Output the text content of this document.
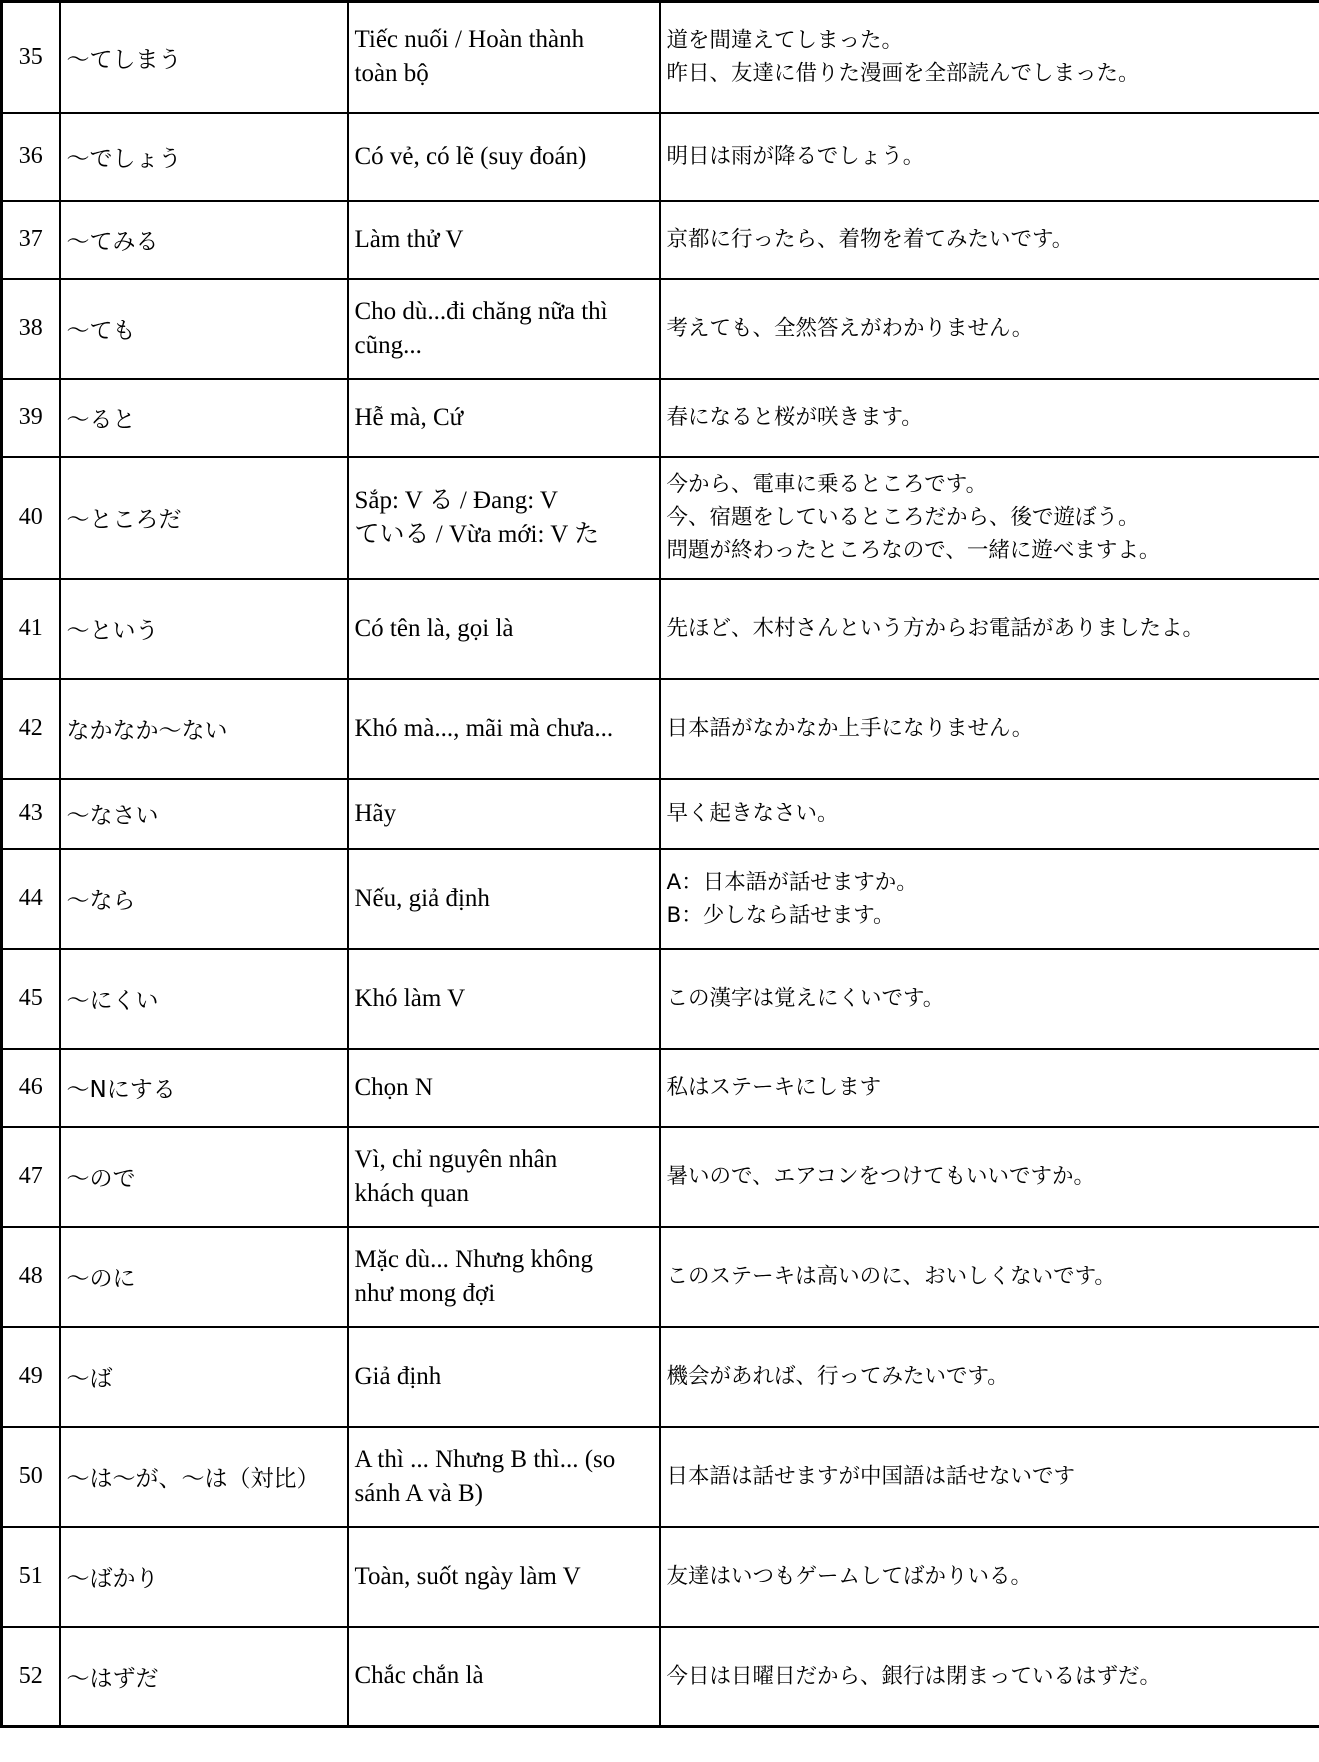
35	～てしまう	Tiếc nuối / Hoàn thành
toàn bộ	道を間違えてしまった。
昨日、友達に借りた漫画を全部読んでしまった。

36	～でしょう	Có vẻ, có lẽ (suy đoán)	明日は雨が降るでしょう。

37	～てみる	Làm thử V	京都に行ったら、着物を着てみたいです。

38	～ても	Cho dù...đi chăng nữa thì
cũng...	考えても、全然答えがわかりません。

39	～ると	Hễ mà, Cứ	春になると桜が咲きます。

40	～ところだ	Sắp: V る / Đang: V
ている / Vừa mới: V た	今から、電車に乗るところです。
今、宿題をしているところだから、後で遊ぼう。
問題が終わったところなので、一緒に遊べますよ。

41	～という	Có tên là, gọi là	先ほど、木村さんという方からお電話がありましたよ。

42	なかなか～ない	Khó mà..., mãi mà chưa...	日本語がなかなか上手になりません。

43	～なさい	Hãy	早く起きなさい。

44	～なら	Nếu, giả định	A：日本語が話せますか。
B：少しなら話せます。

45	～にくい	Khó làm V	この漢字は覚えにくいです。

46	～Nにする	Chọn N	私はステーキにします

47	～ので	Vì, chỉ nguyên nhân
khách quan	暑いので、エアコンをつけてもいいですか。

48	～のに	Mặc dù... Nhưng không
như mong đợi	このステーキは高いのに、おいしくないです。

49	～ば	Giả định	機会があれば、行ってみたいです。

50	～は～が、～は（対比）	A thì ... Nhưng B thì... (so
sánh A và B)	日本語は話せますが中国語は話せないです

51	～ばかり	Toàn, suốt ngày làm V	友達はいつもゲームしてばかりいる。

52	～はずだ	Chắc chắn là	今日は日曜日だから、銀行は閉まっているはずだ。
